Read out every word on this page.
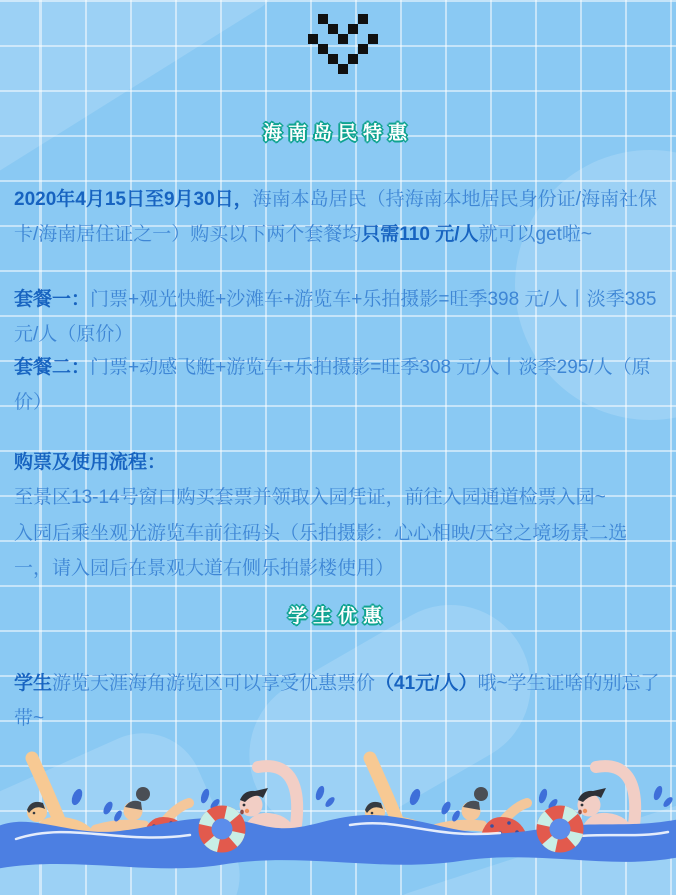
海南岛民特惠
2020年4月15日至9月30日，海南本岛居民（持海南本地居民身份证/海南社保卡/海南居住证之一）购买以下两个套餐均只需110 元/人就可以get啦~
套餐一：门票+观光快艇+沙滩车+游览车+乐拍摄影=旺季398 元/人丨淡季385元/人（原价）
套餐二：门票+动感飞艇+游览车+乐拍摄影=旺季308 元/人丨淡季295/人（原价）
购票及使用流程：
至景区13-14号窗口购买套票并领取入园凭证，前往入园通道检票入园~
入园后乘坐观光游览车前往码头（乐拍摄影：心心相映/天空之境场景二选一，请入园后在景观大道右侧乐拍影楼使用）
学生优惠
学生游览天涯海角游览区可以享受优惠票价（41元/人）哦~学生证啥的别忘了带~
